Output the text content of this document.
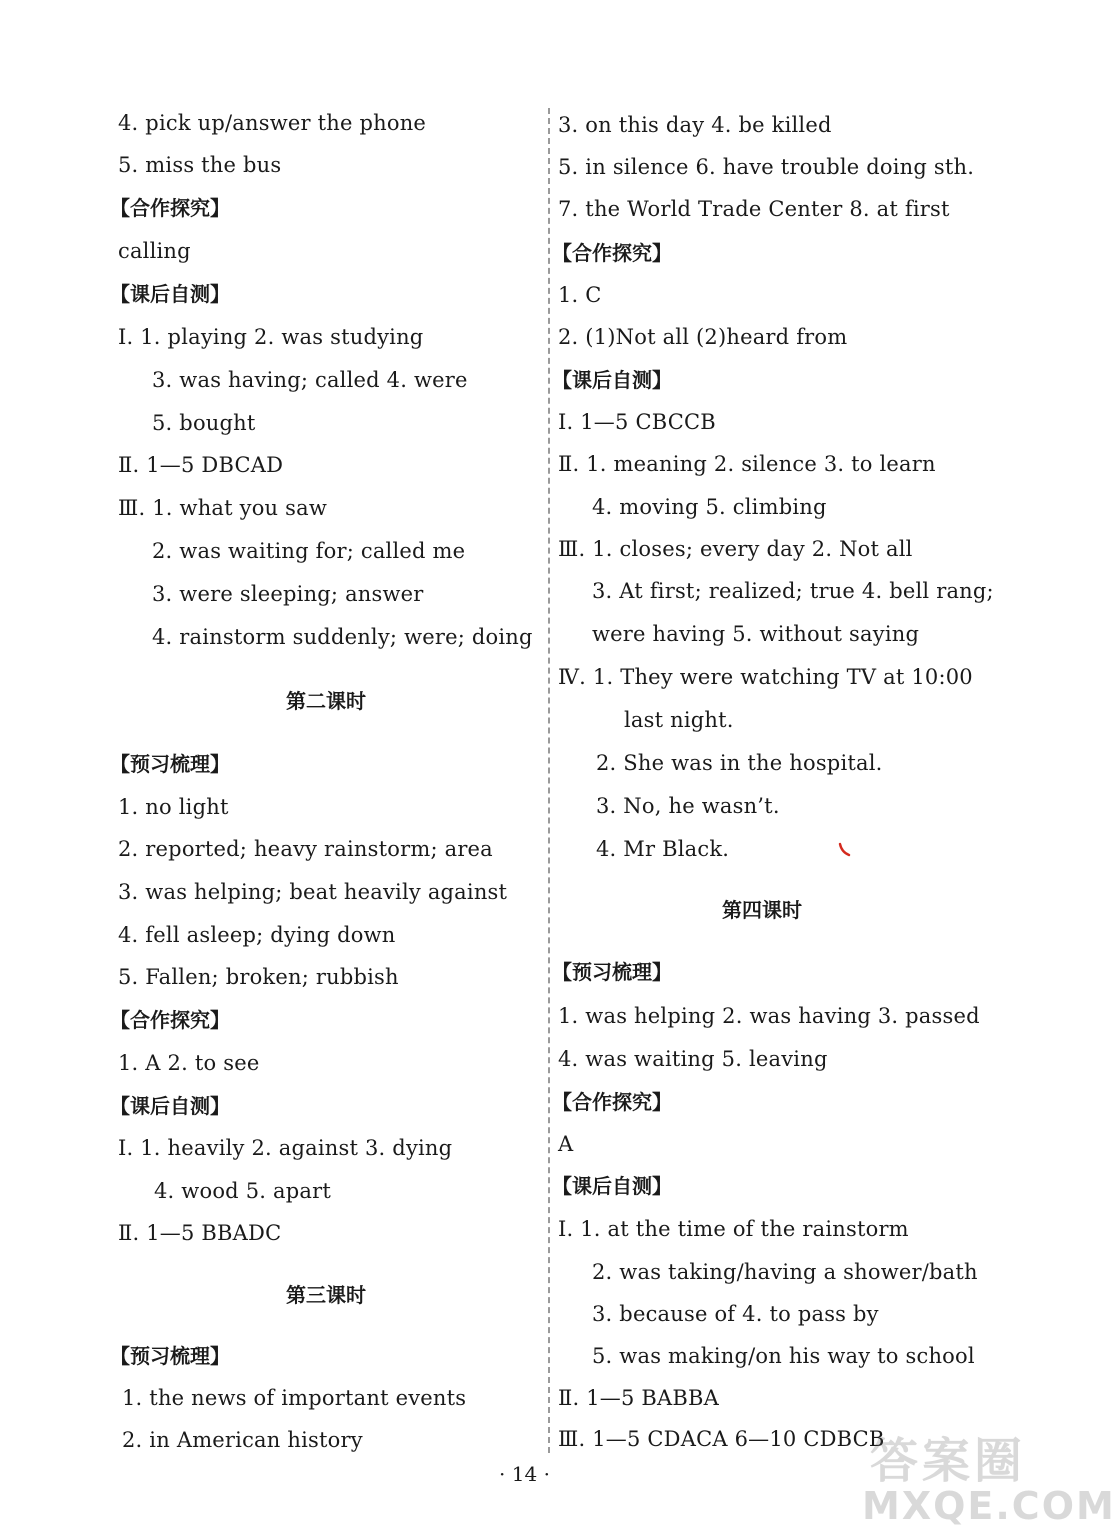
4. pick up/answer the phone
5. miss the bus
【合作探究】
calling
【课后自测】
Ⅰ. 1. playing 2. was studying
3. was having; called 4. were
5. bought
Ⅱ. 1—5 DBCAD
Ⅲ. 1. what you saw
2. was waiting for; called me
3. were sleeping; answer
4. rainstorm suddenly; were; doing
第二课时
【预习梳理】
1. no light
2. reported; heavy rainstorm; area
3. was helping; beat heavily against
4. fell asleep; dying down
5. Fallen; broken; rubbish
【合作探究】
1. A 2. to see
【课后自测】
Ⅰ. 1. heavily 2. against 3. dying
4. wood 5. apart
Ⅱ. 1—5 BBADC
第三课时
【预习梳理】
1. the news of important events
2. in American history
3. on this day 4. be killed
5. in silence 6. have trouble doing sth.
7. the World Trade Center 8. at first
【合作探究】
1. C
2. (1)Not all (2)heard from
【课后自测】
Ⅰ. 1—5 CBCCB
Ⅱ. 1. meaning 2. silence 3. to learn
4. moving 5. climbing
Ⅲ. 1. closes; every day 2. Not all
3. At first; realized; true 4. bell rang;
were having 5. without saying
Ⅳ. 1. They were watching TV at 10:00
last night.
2. She was in the hospital.
3. No, he wasn’t.
4. Mr Black.
第四课时
【预习梳理】
1. was helping 2. was having 3. passed
4. was waiting 5. leaving
【合作探究】
A
【课后自测】
Ⅰ. 1. at the time of the rainstorm
2. was taking/having a shower/bath
3. because of 4. to pass by
5. was making/on his way to school
Ⅱ. 1—5 BABBA
Ⅲ. 1—5 CDACA 6—10 CDBCB
· 14 ·	答案圈
MXQE.COM
